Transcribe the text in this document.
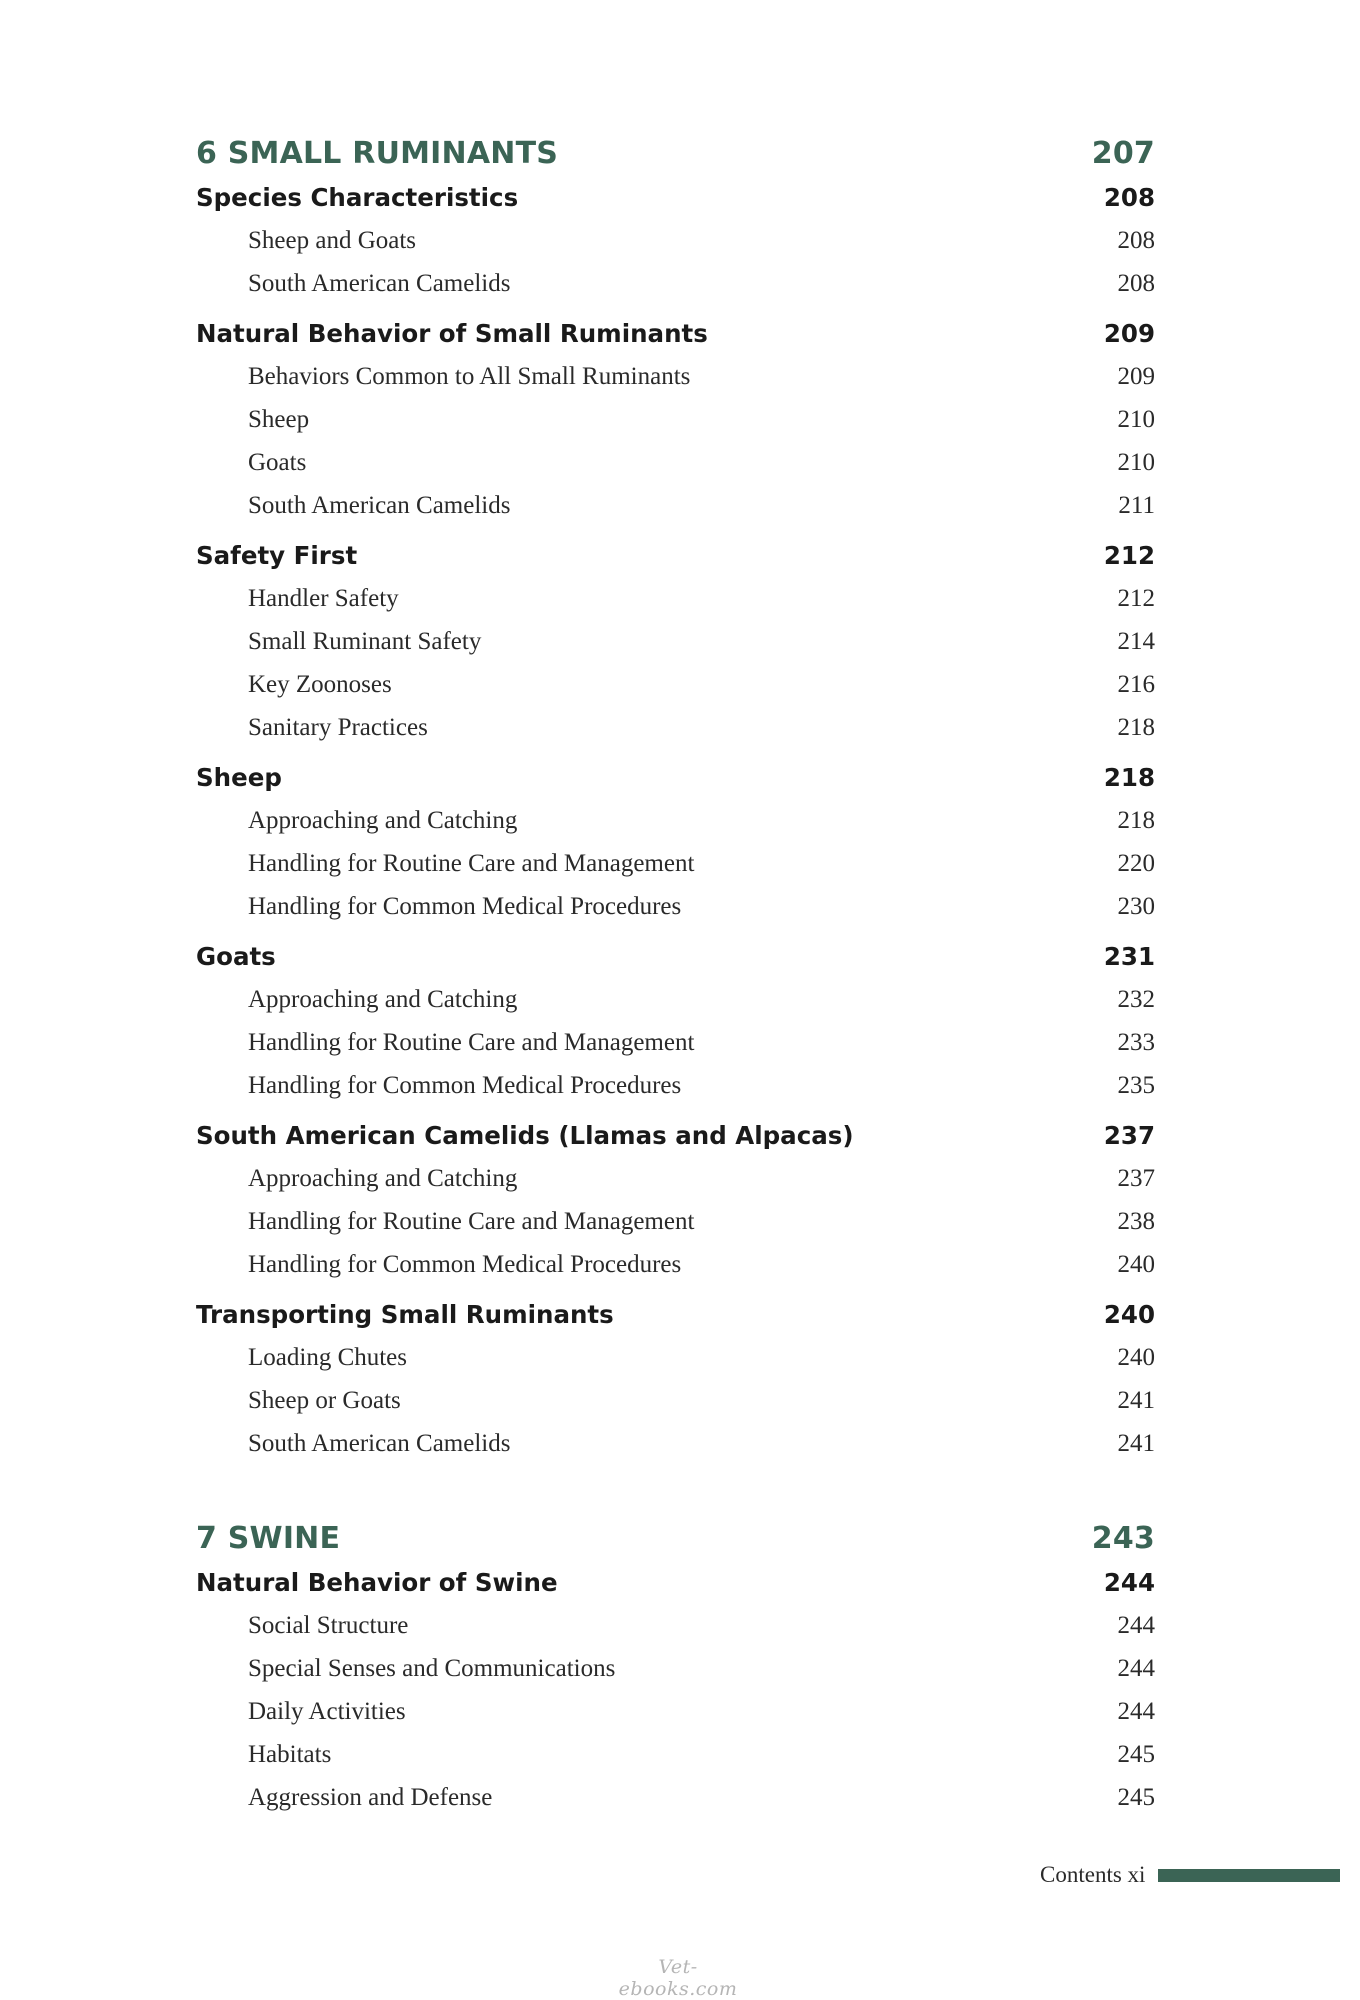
6 SMALL RUMINANTS	207
Species Characteristics	208
Sheep and Goats	208
South American Camelids	208
Natural Behavior of Small Ruminants	209
Behaviors Common to All Small Ruminants	209
Sheep	210
Goats	210
South American Camelids	211
Safety First	212
Handler Safety	212
Small Ruminant Safety	214
Key Zoonoses	216
Sanitary Practices	218
Sheep	218
Approaching and Catching	218
Handling for Routine Care and Management	220
Handling for Common Medical Procedures	230
Goats	231
Approaching and Catching	232
Handling for Routine Care and Management	233
Handling for Common Medical Procedures	235
South American Camelids (Llamas and Alpacas)	237
Approaching and Catching	237
Handling for Routine Care and Management	238
Handling for Common Medical Procedures	240
Transporting Small Ruminants	240
Loading Chutes	240
Sheep or Goats	241
South American Camelids	241
7 SWINE	243
Natural Behavior of Swine	244
Social Structure	244
Special Senses and Communications	244
Daily Activities	244
Habitats	245
Aggression and Defense	245
Contents xi
Vet-ebooks.com
